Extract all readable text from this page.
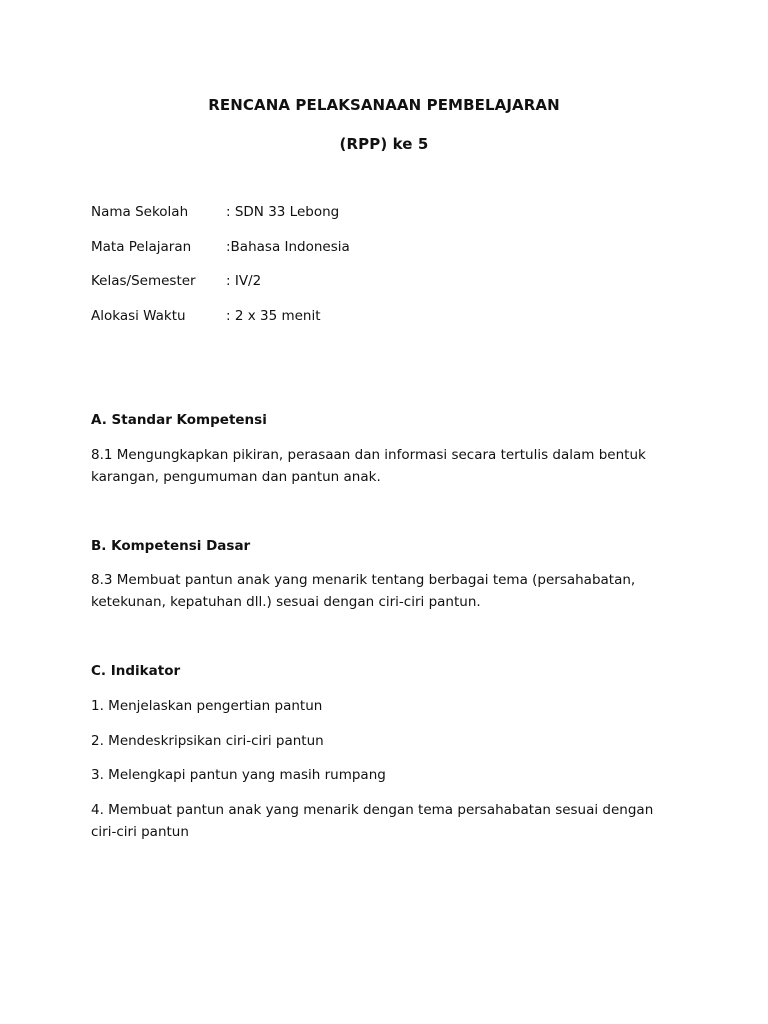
RENCANA PELAKSANAAN PEMBELAJARAN
(RPP) ke 5
Nama Sekolah	: SDN 33 Lebong
Mata Pelajaran	:Bahasa Indonesia
Kelas/Semester : IV/2
Alokasi Waktu	: 2 x 35 menit
A. Standar Kompetensi
8.1 Mengungkapkan pikiran, perasaan dan informasi secara tertulis dalam bentuk karangan, pengumuman dan pantun anak.
B. Kompetensi Dasar
8.3 Membuat pantun anak yang menarik tentang berbagai tema (persahabatan, ketekunan, kepatuhan dll.) sesuai dengan ciri-ciri pantun.
C. Indikator
1. Menjelaskan pengertian pantun
2. Mendeskripsikan ciri-ciri pantun
3. Melengkapi pantun yang masih rumpang
4. Membuat pantun anak yang menarik dengan tema persahabatan sesuai dengan ciri-ciri pantun
